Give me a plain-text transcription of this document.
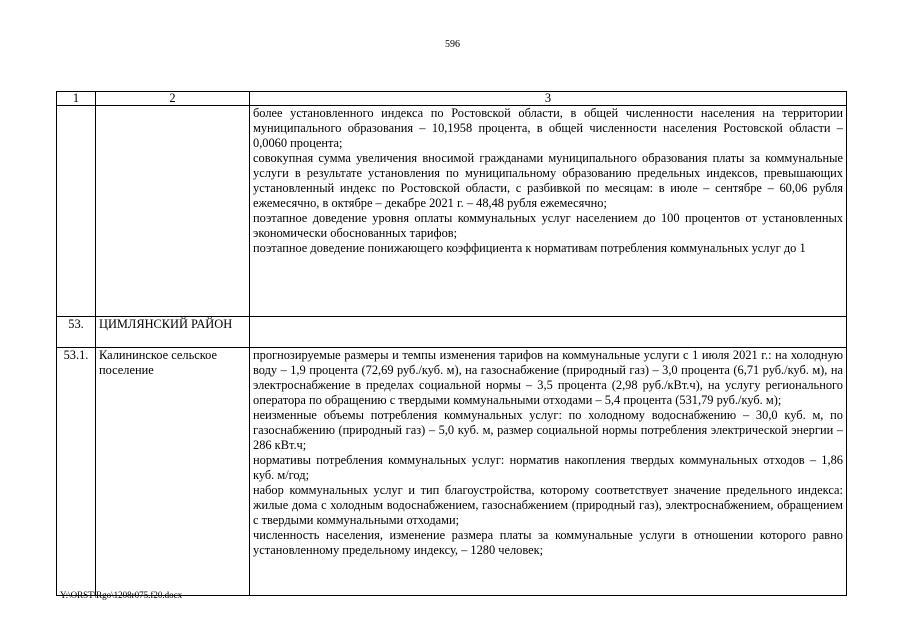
596
1	2	3

		более установленного индекса по Ростовской области, в общей численности населения на территории муниципального образования – 10,1958 процента, в общей численности населения Ростовской области – 0,0060 процента;

совокупная сумма увеличения вносимой гражданами муниципального образования платы за коммунальные услуги в результате установления по муниципальному образованию предельных индексов, превышающих установленный индекс по Ростовской области, с разбивкой по месяцам: в июле – сентябре – 60,06 рубля ежемесячно, в октябре – декабре 2021 г. – 48,48 рубля ежемесячно;

поэтапное доведение уровня оплаты коммунальных услуг населением до 100 процентов от установленных экономически обоснованных тарифов;

поэтапное доведение понижающего коэффициента к нормативам потребления коммунальных услуг до 1

53.	ЦИМЛЯНСКИЙ РАЙОН	
53.1.	Калининское сельское поселение	прогнозируемые размеры и темпы изменения тарифов на коммунальные услуги с 1 июля 2021 г.: на холодную воду – 1,9 процента (72,69 руб./куб. м), на газоснабжение (природный газ) – 3,0 процента (6,71 руб./куб. м), на электроснабжение в пределах социальной нормы – 3,5 процента (2,98 руб./кВт.ч), на услугу регионального оператора по обращению с твердыми коммунальными отходами – 5,4 процента (531,79 руб./куб. м);

неизменные объемы потребления коммунальных услуг: по холодному водоснабжению – 30,0 куб. м, по газоснабжению (природный газ) – 5,0 куб. м, размер социальной нормы потребления электрической энергии – 286 кВт.ч;

нормативы потребления коммунальных услуг: норматив накопления твердых коммунальных отходов – 1,86 куб. м/год;

набор коммунальных услуг и тип благоустройства, которому соответствует значение предельного индекса: жилые дома с холодным водоснабжением, газоснабжением (природный газ), электроснабжением, обращением с твердыми коммунальными отходами;

численность населения, изменение размера платы за коммунальные услуги в отношении которого равно установленному предельному индексу, – 1280 человек;

Y:\ORST\Rgo\1208r075.f20.docx
